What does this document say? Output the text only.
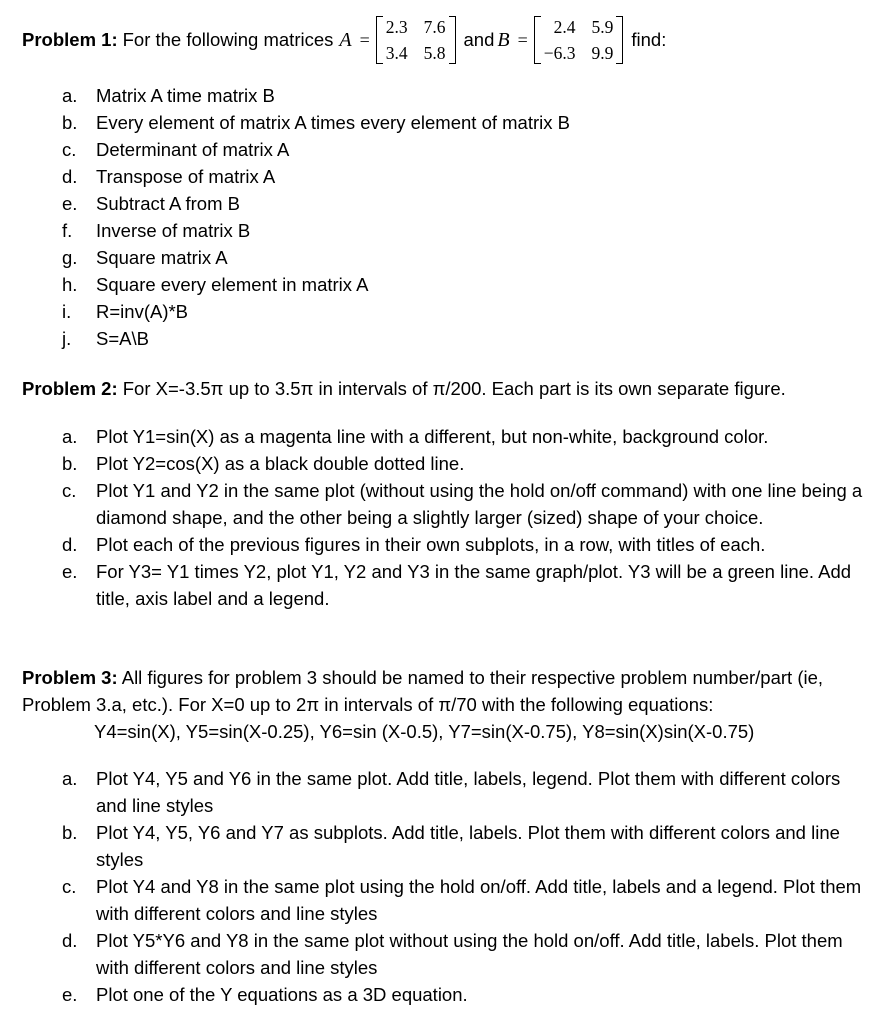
Problem 1: For the following matrices A =
2.3 7.6
3.4 5.8
and B =
2.4 5.9
−6.3 9.9
find:
a. Matrix A time matrix B
b. Every element of matrix A times every element of matrix B
c. Determinant of matrix A
d. Transpose of matrix A
e. Subtract A from B
f. Inverse of matrix B
g. Square matrix A
h. Square every element in matrix A
i. R=inv(A)*B
j. S=A\B
Problem 2: For X=-3.5π up to 3.5π in intervals of π/200. Each part is its own separate figure.
a. Plot Y1=sin(X) as a magenta line with a different, but non-white, background color.
b. Plot Y2=cos(X) as a black double dotted line.
c. Plot Y1 and Y2 in the same plot (without using the hold on/off command) with one line being a diamond shape, and the other being a slightly larger (sized) shape of your choice.
d. Plot each of the previous figures in their own subplots, in a row, with titles of each.
e. For Y3= Y1 times Y2, plot Y1, Y2 and Y3 in the same graph/plot. Y3 will be a green line. Add title, axis label and a legend.
Problem 3: All figures for problem 3 should be named to their respective problem number/part (ie, Problem 3.a, etc.). For X=0 up to 2π in intervals of π/70 with the following equations:
Y4=sin(X), Y5=sin(X-0.25), Y6=sin (X-0.5), Y7=sin(X-0.75), Y8=sin(X)sin(X-0.75)
a. Plot Y4, Y5 and Y6 in the same plot. Add title, labels, legend. Plot them with different colors and line styles
b. Plot Y4, Y5, Y6 and Y7 as subplots. Add title, labels. Plot them with different colors and line styles
c. Plot Y4 and Y8 in the same plot using the hold on/off. Add title, labels and a legend. Plot them with different colors and line styles
d. Plot Y5*Y6 and Y8 in the same plot without using the hold on/off. Add title, labels. Plot them with different colors and line styles
e. Plot one of the Y equations as a 3D equation.
